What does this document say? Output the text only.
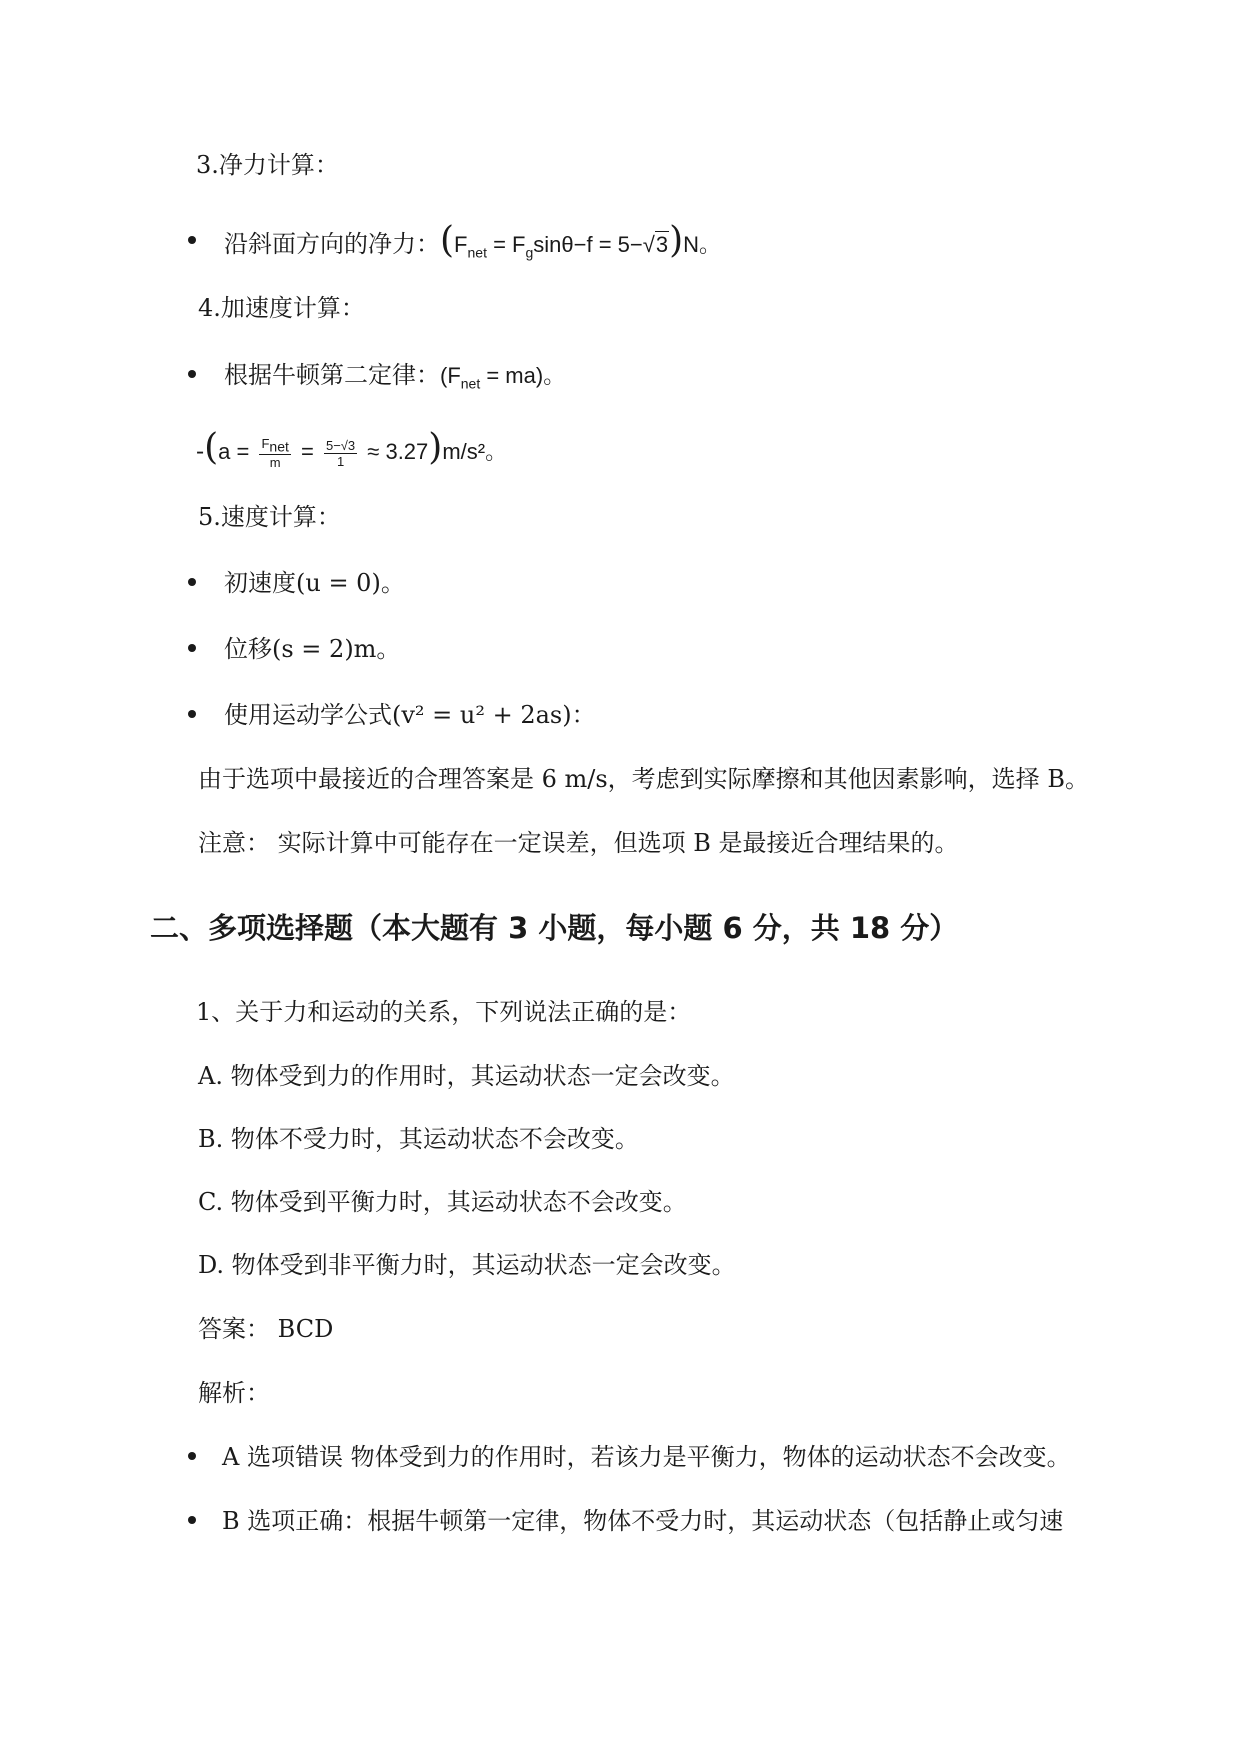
3.净力计算：
沿斜面方向的净力：$(F_{net} = F_g\sin\theta-f = 5-√3)N$。
4.加速度计算：
根据牛顿第二定律：$(F_{net} = ma)$。
$-(a = \frac{F_{net}}{m} = \frac{5-√3}{1} \approx 3.27)m/s^2$。
5.速度计算：
初速度(u = 0)。
位移(s = 2)m。
使用运动学公式(v² = u² + 2as)：
由于选项中最接近的合理答案是 6 m/s，考虑到实际摩擦和其他因素影响，选择 B。
注意： 实际计算中可能存在一定误差，但选项 B 是最接近合理结果的。
二、多项选择题（本大题有 3 小题，每小题 6 分，共 18 分）
1、关于力和运动的关系，下列说法正确的是：
A. 物体受到力的作用时，其运动状态一定会改变。
B. 物体不受力时，其运动状态不会改变。
C. 物体受到平衡力时，其运动状态不会改变。
D. 物体受到非平衡力时，其运动状态一定会改变。
答案： BCD
解析：
A 选项错误 物体受到力的作用时，若该力是平衡力，物体的运动状态不会改变。
B 选项正确：根据牛顿第一定律，物体不受力时，其运动状态（包括静止或匀速
